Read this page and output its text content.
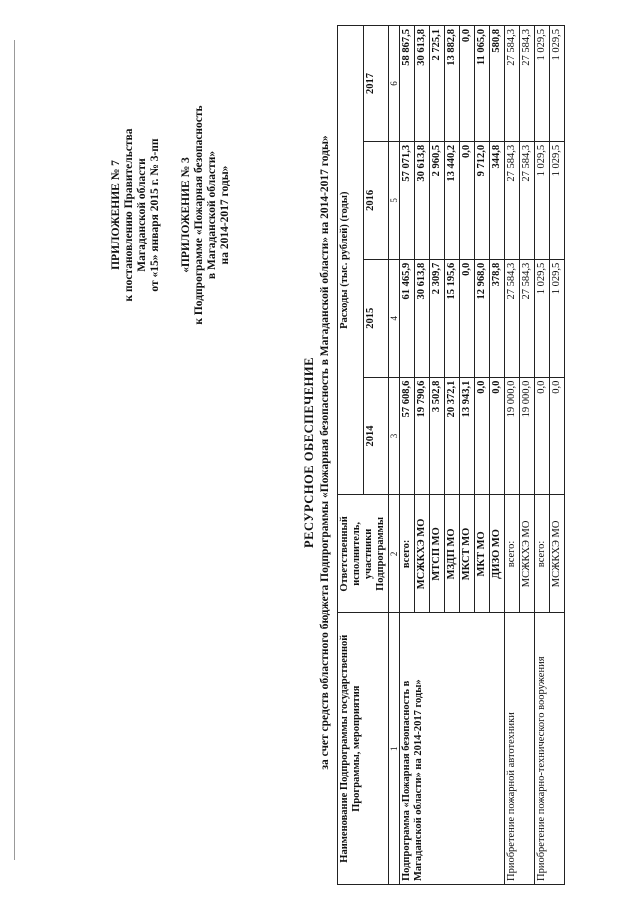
ПРИЛОЖЕНИЕ № 7 к постановлению Правительства Магаданской области от «15» января 2015 г. № 3-пп «ПРИЛОЖЕНИЕ № 3 к Подпрограмме «Пожарная безопасность в Магаданской области» на 2014-2017 годы»
РЕСУРСНОЕ ОБЕСПЕЧЕНИЕ за счет средств областного бюджета Подпрограммы «Пожарная безопасность в Магаданской области» на 2014-2017 годы» Наименование Подпрограммы государственной Программы, мероприятия	Ответственный исполнитель, участники Подпрограммы	Расходы (тыс. рублей) (годы)			
		2014	2015	2016	2017
1	2	3	4	5	6
Подпрограмма «Пожарная безопасность в Магаданской области» на 2014-2017 годы»	всего:	57 608,6	61 465,9	57 071,3	58 867,5
	МСЖКХЭ МО	19 790,6	30 613,8	30 613,8	30 613,8
	МТСП МО	3 502,8	2 309,7	2 960,5	2 725,1
	МЗДП МО	20 372,1	15 195,6	13 440,2	13 882,8
	МКСТ МО	13 943,1	0,0	0,0	0,0
	МКТ МО	0,0	12 968,0	9 712,0	11 065,0
	ДИЗО МО	0,0	378,8	344,8	580,8
Приобретение пожарной автотехники	всего:	19 000,0	27 584,3	27 584,3	27 584,3
	МСЖКХЭ МО	19 000,0	27 584,3	27 584,3	27 584,3
Приобретение пожарно-технического вооружения	всего:	0,0	1 029,5	1 029,5	1 029,5
	МСЖКХЭ МО	0,0	1 029,5	1 029,5	1 029,5
